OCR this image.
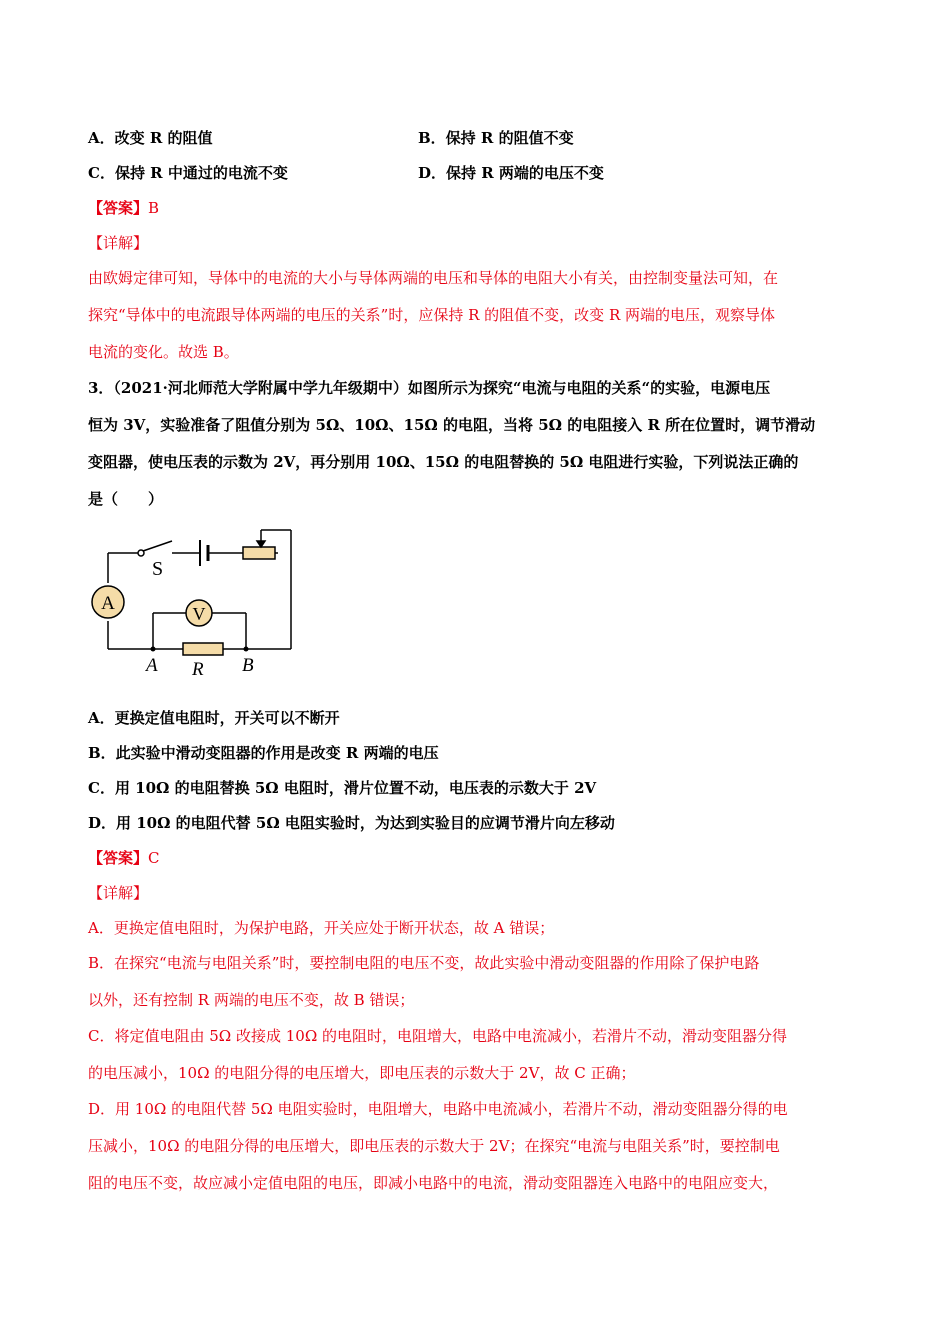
A．改变 R 的阻值	B．保持 R 的阻值不变
C．保持 R 中通过的电流不变	D．保持 R 两端的电压不变
【答案】B
【详解】
由欧姆定律可知，导体中的电流的大小与导体两端的电压和导体的电阻大小有关，由控制变量法可知，在
探究“导体中的电流跟导体两端的电压的关系”时，应保持 R 的阻值不变，改变 R 两端的电压，观察导体
电流的变化。故选 B。
3．（2021·河北师范大学附属中学九年级期中）如图所示为探究“电流与电阻的关系“的实验，电源电压
恒为 3V，实验准备了阻值分别为 5Ω、10Ω、15Ω 的电阻，当将 5Ω 的电阻接入 R 所在位置时，调节滑动
变阻器，使电压表的示数为 2V，再分别用 10Ω、15Ω 的电阻替换的 5Ω 电阻进行实验，下列说法正确的
是（　　）
S
A	V
A R B
A．更换定值电阻时，开关可以不断开
B．此实验中滑动变阻器的作用是改变 R 两端的电压
C．用 10Ω 的电阻替换 5Ω 电阻时，滑片位置不动，电压表的示数大于 2V
D．用 10Ω 的电阻代替 5Ω 电阻实验时，为达到实验目的应调节滑片向左移动
【答案】C
【详解】
A．更换定值电阻时，为保护电路，开关应处于断开状态，故 A 错误；
B．在探究“电流与电阻关系”时，要控制电阻的电压不变，故此实验中滑动变阻器的作用除了保护电路
以外，还有控制 R 两端的电压不变，故 B 错误；
C．将定值电阻由 5Ω 改接成 10Ω 的电阻时，电阻增大，电路中电流减小，若滑片不动，滑动变阻器分得
的电压减小，10Ω 的电阻分得的电压增大，即电压表的示数大于 2V，故 C 正确；
D．用 10Ω 的电阻代替 5Ω 电阻实验时，电阻增大，电路中电流减小，若滑片不动，滑动变阻器分得的电
压减小，10Ω 的电阻分得的电压增大，即电压表的示数大于 2V；在探究“电流与电阻关系”时，要控制电
阻的电压不变，故应减小定值电阻的电压，即减小电路中的电流，滑动变阻器连入电路中的电阻应变大，
